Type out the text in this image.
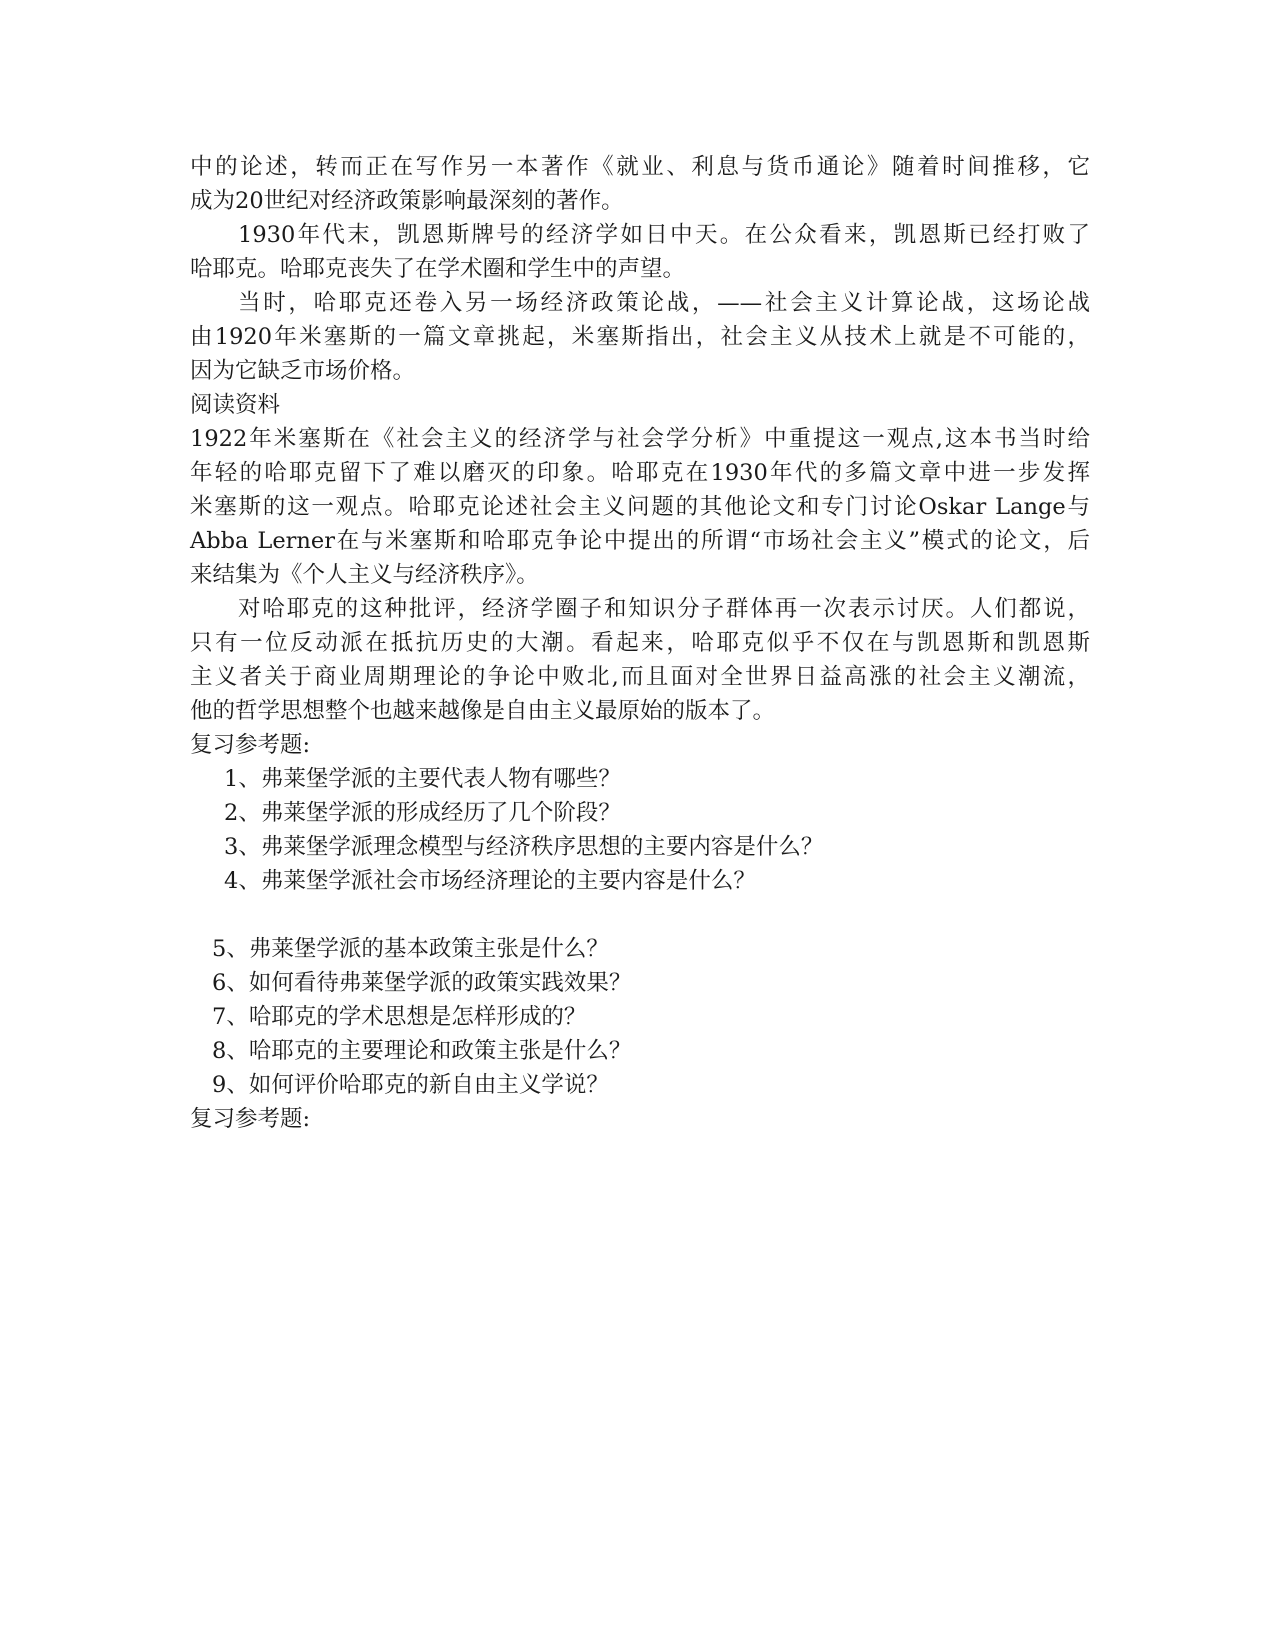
中的论述，转而正在写作另一本著作《就业、利息与货币通论》随着时间推移，它
成为20世纪对经济政策影响最深刻的著作。
1930年代末，凯恩斯牌号的经济学如日中天。在公众看来，凯恩斯已经打败了
哈耶克。哈耶克丧失了在学术圈和学生中的声望。
当时，哈耶克还卷入另一场经济政策论战，——社会主义计算论战，这场论战
由1920年米塞斯的一篇文章挑起，米塞斯指出，社会主义从技术上就是不可能的，
因为它缺乏市场价格。
阅读资料
1922年米塞斯在《社会主义的经济学与社会学分析》中重提这一观点,这本书当时给
年轻的哈耶克留下了难以磨灭的印象。哈耶克在1930年代的多篇文章中进一步发挥
米塞斯的这一观点。哈耶克论述社会主义问题的其他论文和专门讨论Oskar Lange与
Abba Lerner在与米塞斯和哈耶克争论中提出的所谓“市场社会主义”模式的论文，后
来结集为《个人主义与经济秩序》。
对哈耶克的这种批评，经济学圈子和知识分子群体再一次表示讨厌。人们都说，
只有一位反动派在抵抗历史的大潮。看起来，哈耶克似乎不仅在与凯恩斯和凯恩斯
主义者关于商业周期理论的争论中败北,而且面对全世界日益高涨的社会主义潮流，
他的哲学思想整个也越来越像是自由主义最原始的版本了。
复习参考题:
1、弗莱堡学派的主要代表人物有哪些？
2、弗莱堡学派的形成经历了几个阶段？
3、弗莱堡学派理念模型与经济秩序思想的主要内容是什么？
4、弗莱堡学派社会市场经济理论的主要内容是什么？
5、弗莱堡学派的基本政策主张是什么？
6、如何看待弗莱堡学派的政策实践效果？
7、哈耶克的学术思想是怎样形成的？
8、哈耶克的主要理论和政策主张是什么？
9、如何评价哈耶克的新自由主义学说？
复习参考题:
